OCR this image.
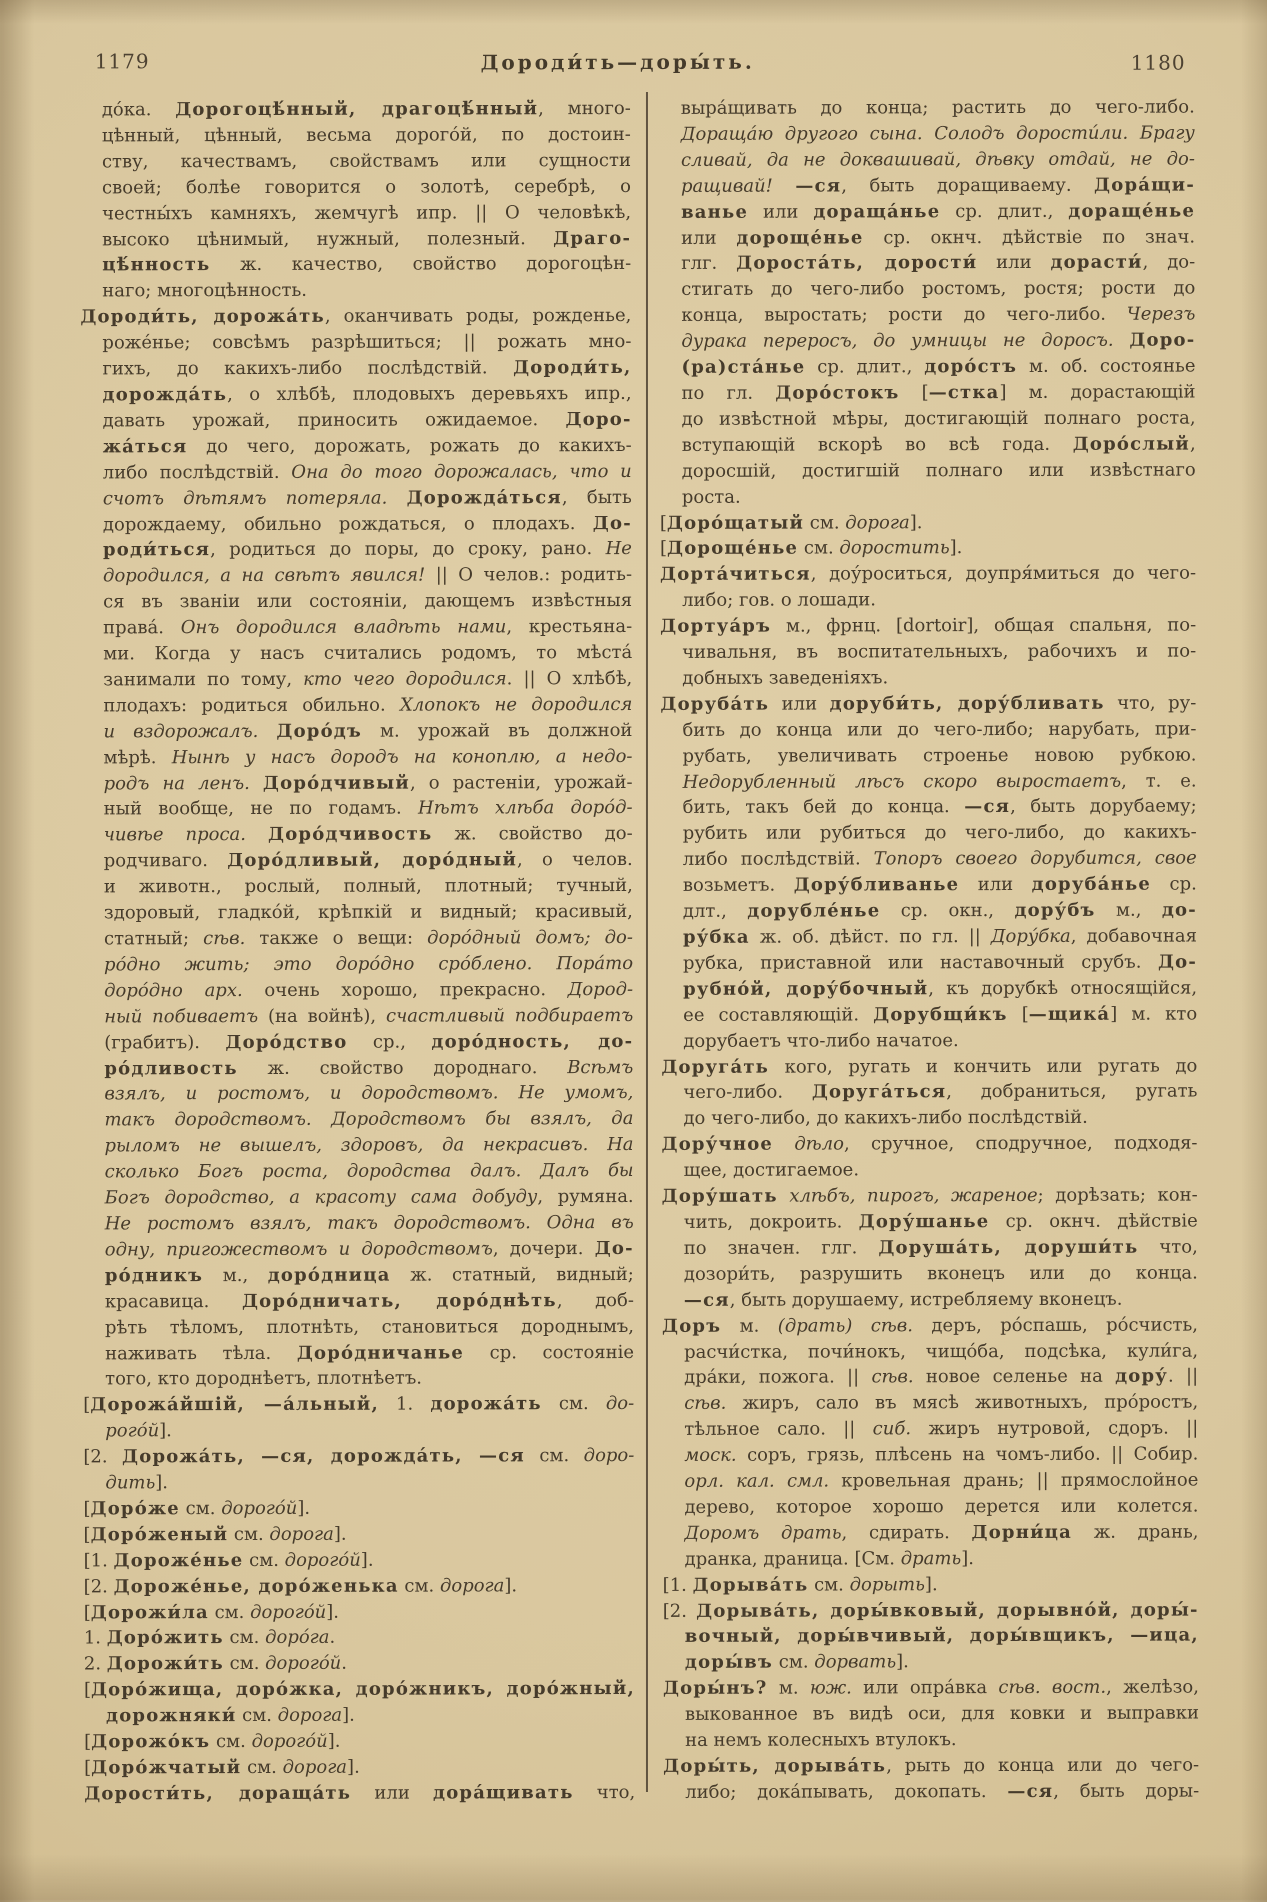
1179	Дороди́ть—доры́ть.	1180
до́ка. Дорогоцѣ́нный, драгоцѣ́нный, много-
цѣнный, цѣнный, весьма дорого́й, по достоин-
ству, качествамъ, свойствамъ или сущности
своей; болѣе говорится о золотѣ, серебрѣ, о
честны́хъ камняхъ, жемчугѣ ипр. || О человѣкѣ,
высоко цѣнимый, нужный, полезный. Драго-
цѣ́нность ж. качество, свойство дорогоцѣн-
наго; многоцѣнность.
Дороди́ть, дорожа́ть, оканчивать роды, рожденье,
роже́нье; совсѣмъ разрѣшиться; || рожать мно-
гихъ, до какихъ-либо послѣдствій. Дороди́ть,
дорожда́ть, о хлѣбѣ, плодовыхъ деревьяхъ ипр.,
давать урожай, приносить ожидаемое. Доро-
жа́ться до чего, дорожать, рожать до какихъ-
либо послѣдствій. Она до того дорожалась, что и
счотъ дѣтямъ потеряла. Дорожда́ться, быть
дорождаему, обильно рождаться, о плодахъ. До-
роди́ться, родиться до поры, до сроку, рано. Не
дородился, а на свѣтъ явился! || О челов.: родить-
ся въ званіи или состояніи, дающемъ извѣстныя
права́. Онъ дородился владѣть нами, крестьяна-
ми. Когда у насъ считались родомъ, то мѣста́
занимали по тому, кто чего дородился. || О хлѣбѣ,
плодахъ: родиться обильно. Хлопокъ не дородился
и вздорожалъ. Доро́дъ м. урожай въ должной
мѣрѣ. Нынѣ у насъ дородъ на коноплю, а недо-
родъ на ленъ. Доро́дчивый, о растеніи, урожай-
ный вообще, не по годамъ. Нѣтъ хлѣба доро́д-
чивѣе проса. Доро́дчивость ж. свойство до-
родчиваго. Доро́дливый, доро́дный, о челов.
и животн., рослый, полный, плотный; тучный,
здоровый, гладко́й, крѣпкій и видный; красивый,
статный; сѣв. также о вещи: доро́дный домъ; до-
ро́дно жить; это доро́дно сро́блено. Пора́то
доро́дно арх. очень хорошо, прекрасно. Дород-
ный побиваетъ (на войнѣ), счастливый подбираетъ
(грабитъ). Доро́дство ср., доро́дность, до-
ро́дливость ж. свойство дороднаго. Всѣмъ
взялъ, и ростомъ, и дородствомъ. Не умомъ,
такъ дородствомъ. Дородствомъ бы взялъ, да
рыломъ не вышелъ, здоровъ, да некрасивъ. На
сколько Богъ роста, дородства далъ. Далъ бы
Богъ дородство, а красоту сама добуду, румяна.
Не ростомъ взялъ, такъ дородствомъ. Одна въ
одну, пригожествомъ и дородствомъ, дочери. До-
ро́дникъ м., доро́дница ж. статный, видный;
красавица. Доро́дничать, доро́днѣть, доб-
рѣть тѣломъ, плотнѣть, становиться дороднымъ,
наживать тѣла. Доро́дничанье ср. состояніе
того, кто дороднѣетъ, плотнѣетъ.
[Дорожа́йшій, —а́льный, 1. дорожа́ть см. до-
рого́й].
[2. Дорожа́ть, —ся, дорожда́ть, —ся см. доро-
дить].
[Доро́же см. дорого́й].
[Доро́женый см. дорога].
[1. Дороже́нье см. дорого́й].
[2. Дороже́нье, доро́женька см. дорога].
[Дорожи́ла см. дорого́й].
1. Доро́жить см. доро́га.
2. Дорожи́ть см. дорого́й.
[Доро́жища, доро́жка, доро́жникъ, доро́жный,
дорожняки́ см. дорога].
[Дорожо́къ см. дорого́й].
[Доро́жчатый см. дорога].
Дорости́ть, дораща́ть или дора́щивать что,
выра́щивать до конца; растить до чего-либо.
Дораща́ю другого сына. Солодъ дорости́ли. Брагу
сливай, да не доквашивай, дѣвку отдай, не до-
ращивай! —ся, быть доращиваему. Дора́щи-
ванье или дораща́нье ср. длит., дораще́нье
или дороще́нье ср. окнч. дѣйствіе по знач.
глг. Дороста́ть, дорости́ или дорасти́, до-
стигать до чего-либо ростомъ, ростя; рости до
конца, выростать; рости до чего-либо. Черезъ
дурака переросъ, до умницы не доросъ. Доро-
(ра)ста́нье ср. длит., доро́стъ м. об. состоянье
по гл. Доро́стокъ [—стка] м. дорастающій
до извѣстной мѣры, достигающій полнаго роста,
вступающій вскорѣ во всѣ года. Доро́слый,
доросшій, достигшій полнаго или извѣстнаго
роста.
[Доро́щатый см. дорога].
[Дороще́нье см. доростить].
Дорта́читься, доу́роситься, доупря́миться до чего-
либо; гов. о лошади.
Дортуа́ръ м., фрнц. [dortoir], общая спальня, по-
чивальня, въ воспитательныхъ, рабочихъ и по-
добныхъ заведеніяхъ.
Доруба́ть или доруби́ть, дору́бливать что, ру-
бить до конца или до чего-либо; нарубать, при-
рубать, увеличивать строенье новою рубкою.
Недорубленный лѣсъ скоро выростаетъ, т. е.
бить, такъ бей до конца. —ся, быть дорубаему;
рубить или рубиться до чего-либо, до какихъ-
либо послѣдствій. Топоръ своего дорубится, свое
возьметъ. Дору́бливанье или доруба́нье ср.
длт., дорубле́нье ср. окн., дору́бъ м., до-
ру́бка ж. об. дѣйст. по гл. || Дору́бка, добавочная
рубка, приставной или наставочный срубъ. До-
рубно́й, дору́бочный, къ дорубкѣ относящійся,
ее составляющій. Дорубщи́къ [—щика́] м. кто
дорубаетъ что-либо начатое.
Доруга́ть кого, ругать и кончить или ругать до
чего-либо. Доруга́ться, добраниться, ругать
до чего-либо, до какихъ-либо послѣдствій.
Дору́чное дѣло, сручное, сподручное, подходя-
щее, достигаемое.
Дору́шать хлѣбъ, пирогъ, жареное; дорѣзать; кон-
чить, докроить. Дору́шанье ср. окнч. дѣйствіе
по значен. глг. Доруша́ть, доруши́ть что,
дозори́ть, разрушить вконецъ или до конца.
—ся, быть дорушаему, истребляему вконецъ.
Доръ м. (драть) сѣв. деръ, ро́спашь, ро́счисть,
расчи́стка, почи́нокъ, чищо́ба, подсѣка, кули́га,
дра́ки, пожога. || сѣв. новое селенье на дору́. ||
сѣв. жиръ, сало въ мясѣ животныхъ, про́ростъ,
тѣльное сало. || сиб. жиръ нутровой, сдоръ. ||
моск. соръ, грязь, плѣсень на чомъ-либо. || Собир.
орл. кал. смл. кровельная дрань; || прямослойное
дерево, которое хорошо дерется или колется.
Доромъ драть, сдирать. Дорни́ца ж. дрань,
дранка, драница. [См. драть].
[1. Дорыва́ть см. дорыть].
[2. Дорыва́ть, доры́вковый, дорывно́й, доры́-
вочный, доры́вчивый, доры́вщикъ, —ица,
доры́въ см. дорвать].
Доры́нъ? м. юж. или опра́вка сѣв. вост., желѣзо,
выкованное въ видѣ оси, для ковки и выправки
на немъ колесныхъ втулокъ.
Доры́ть, дорыва́ть, рыть до конца или до чего-
либо; дока́пывать, докопать. —ся, быть доры-
